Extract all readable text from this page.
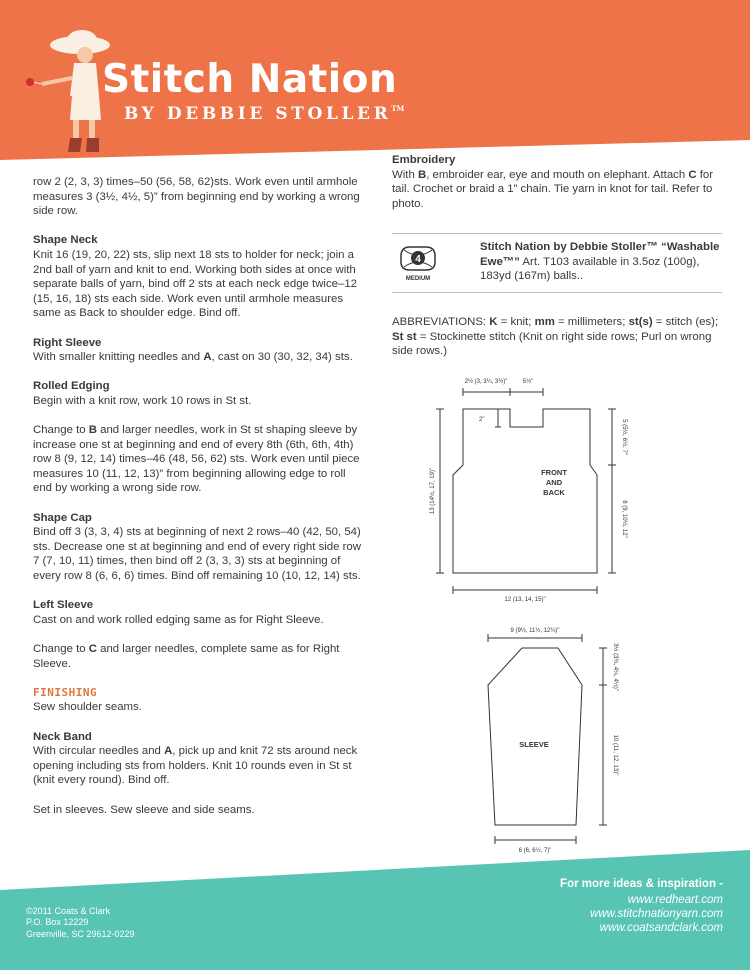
Stitch Nation
BY DEBBIE STOLLER™

row 2 (2, 3, 3) times–50 (56, 58, 62)sts. Work even until armhole measures 3 (3½, 4½, 5)” from beginning end by working a wrong side row.

Shape Neck

Knit 16 (19, 20, 22) sts, slip next 18 sts to holder for neck; join a 2nd ball of yarn and knit to end. Working both sides at once with separate balls of yarn, bind off 2 sts at each neck edge twice–12 (15, 16, 18) sts each side. Work even until armhole measures same as Back to shoulder edge. Bind off.

Right Sleeve

With smaller knitting needles and A, cast on 30 (30, 32, 34) sts.

Rolled Edging

Begin with a knit row, work 10 rows in St st.

Change to B and larger needles, work in St st shaping sleeve by increase one st at beginning and end of every 8th (6th, 6th, 4th) row 8 (9, 12, 14) times–46 (48, 56, 62) sts. Work even until piece measures 10 (11, 12, 13)” from beginning allowing edge to roll end by working a wrong side row.

Shape Cap

Bind off 3 (3, 3, 4) sts at beginning of next 2 rows–40 (42, 50, 54) sts. Decrease one st at beginning and end of every right side row 7 (7, 10, 11) times, then bind off 2 (3, 3, 3) sts at beginning of every row 8 (6, 6, 6) times. Bind off remaining 10 (10, 12, 14) sts.

Left Sleeve

Cast on and work rolled edging same as for Right Sleeve.

Change to C and larger needles, complete same as for Right Sleeve.

FINISHING

Sew shoulder seams.

Neck Band

With circular needles and A, pick up and knit 72 sts around neck opening including sts from holders. Knit 10 rounds even in St st (knit every round). Bind off.

Set in sleeves. Sew sleeve and side seams.

Embroidery

With B, embroider ear, eye and mouth on elephant. Attach C for tail. Crochet or braid a 1” chain. Tie yarn in knot for tail. Refer to photo.

4
MEDIUM
Stitch Nation by Debbie Stoller™ “Washable Ewe™” Art. T103 available in 3.5oz (100g), 183yd (167m) balls..
ABBREVIATIONS: K = knit; mm = millimeters; st(s) = stitch (es); St st = Stockinette stitch (Knit on right side rows; Purl on wrong side rows.)
2½ (3, 3¼, 3½)"	5½"
2"
FRONT
AND
BACK
13 (14½, 17, 19)"
5 (5½, 6½, 7"
8 (9, 10½, 12"
12 (13, 14, 15)"
9 (9½, 11½, 12¼)"
SLEEVE
3½ (3¾, 4¼, 4½)"
10 (11, 12, 13)"
6 (6, 6½, 7)"
For more ideas & inspiration -
www.redheart.com
www.stitchnationyarn.com
www.coatsandclark.com
©2011 Coats & Clark
P.O. Box 12229
Greenville, SC 29612-0229
